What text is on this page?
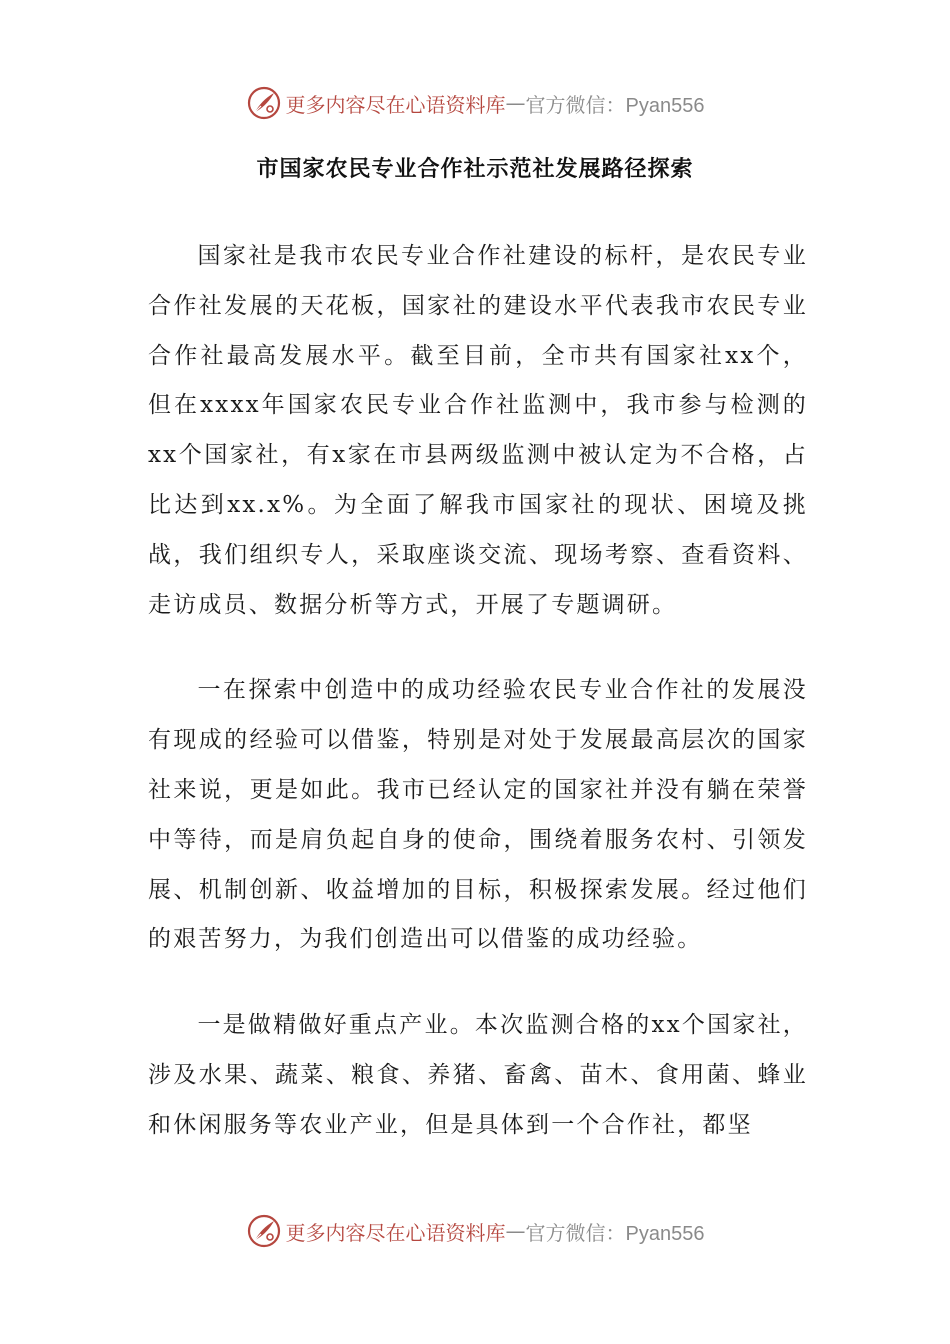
更多内容尽在心语资料库 — 官方微信：Pyan556
市国家农民专业合作社示范社发展路径探索

国家社是我市农民专业合作社建设的标杆，是农民专业合作社发展的天花板，国家社的建设水平代表我市农民专业合作社最高发展水平。截至目前，全市共有国家社xx个，但在xxxx年国家农民专业合作社监测中，我市参与检测的xx个国家社，有x家在市县两级监测中被认定为不合格，占比达到xx.x%。为全面了解我市国家社的现状、困境及挑战，我们组织专人，采取座谈交流、现场考察、查看资料、走访成员、数据分析等方式，开展了专题调研。

一在探索中创造中的成功经验农民专业合作社的发展没有现成的经验可以借鉴，特别是对处于发展最高层次的国家社来说，更是如此。我市已经认定的国家社并没有躺在荣誉中等待，而是肩负起自身的使命，围绕着服务农村、引领发展、机制创新、收益增加的目标，积极探索发展。经过他们的艰苦努力，为我们创造出可以借鉴的成功经验。

一是做精做好重点产业。本次监测合格的xx个国家社，涉及水果、蔬菜、粮食、养猪、畜禽、苗木、食用菌、蜂业和休闲服务等农业产业，但是具体到一个合作社，都坚

更多内容尽在心语资料库 — 官方微信：Pyan556
